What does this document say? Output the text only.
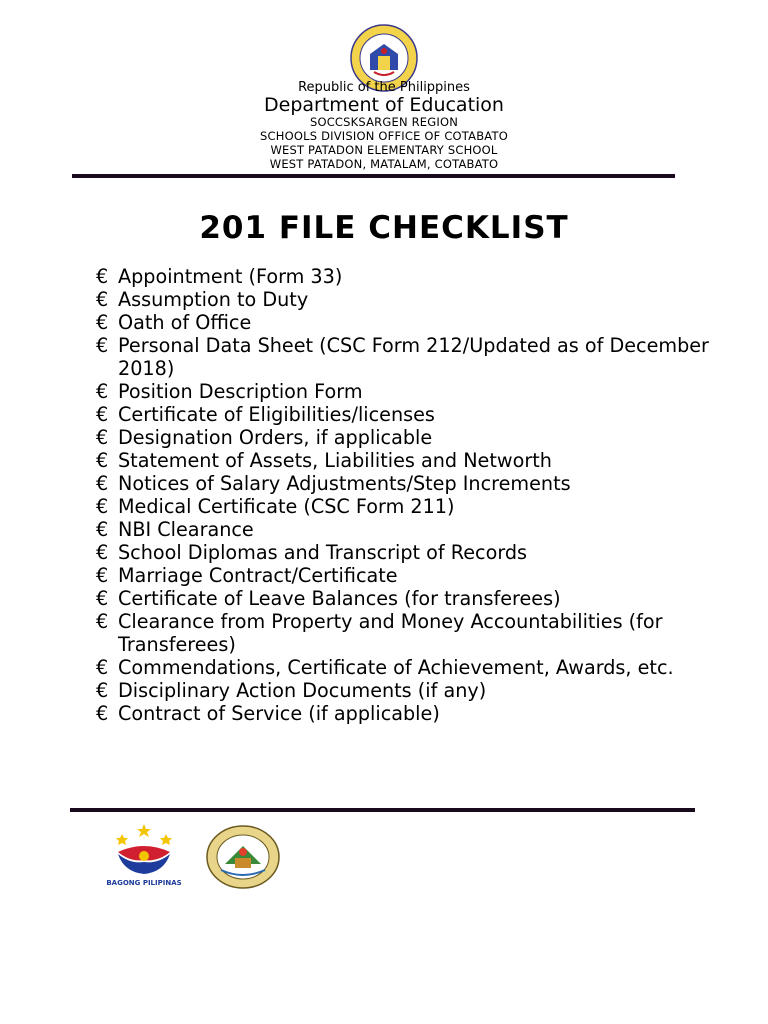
Republic of the Philippines
Department of Education
SOCCSKSARGEN REGION
SCHOOLS DIVISION OFFICE OF COTABATO
WEST PATADON ELEMENTARY SCHOOL
WEST PATADON, MATALAM, COTABATO
201 FILE CHECKLIST
€ Appointment (Form 33)
€ Assumption to Duty
€ Oath of Office
€ Personal Data Sheet (CSC Form 212/Updated as of December 2018)
€ Position Description Form
€ Certificate of Eligibilities/licenses
€ Designation Orders, if applicable
€ Statement of Assets, Liabilities and Networth
€ Notices of Salary Adjustments/Step Increments
€ Medical Certificate (CSC Form 211)
€ NBI Clearance
€ School Diplomas and Transcript of Records
€ Marriage Contract/Certificate
€ Certificate of Leave Balances (for transferees)
€ Clearance from Property and Money Accountabilities (for Transferees)
€ Commendations, Certificate of Achievement, Awards, etc.
€ Disciplinary Action Documents (if any)
€ Contract of Service (if applicable)
BAGONG PILIPINAS
